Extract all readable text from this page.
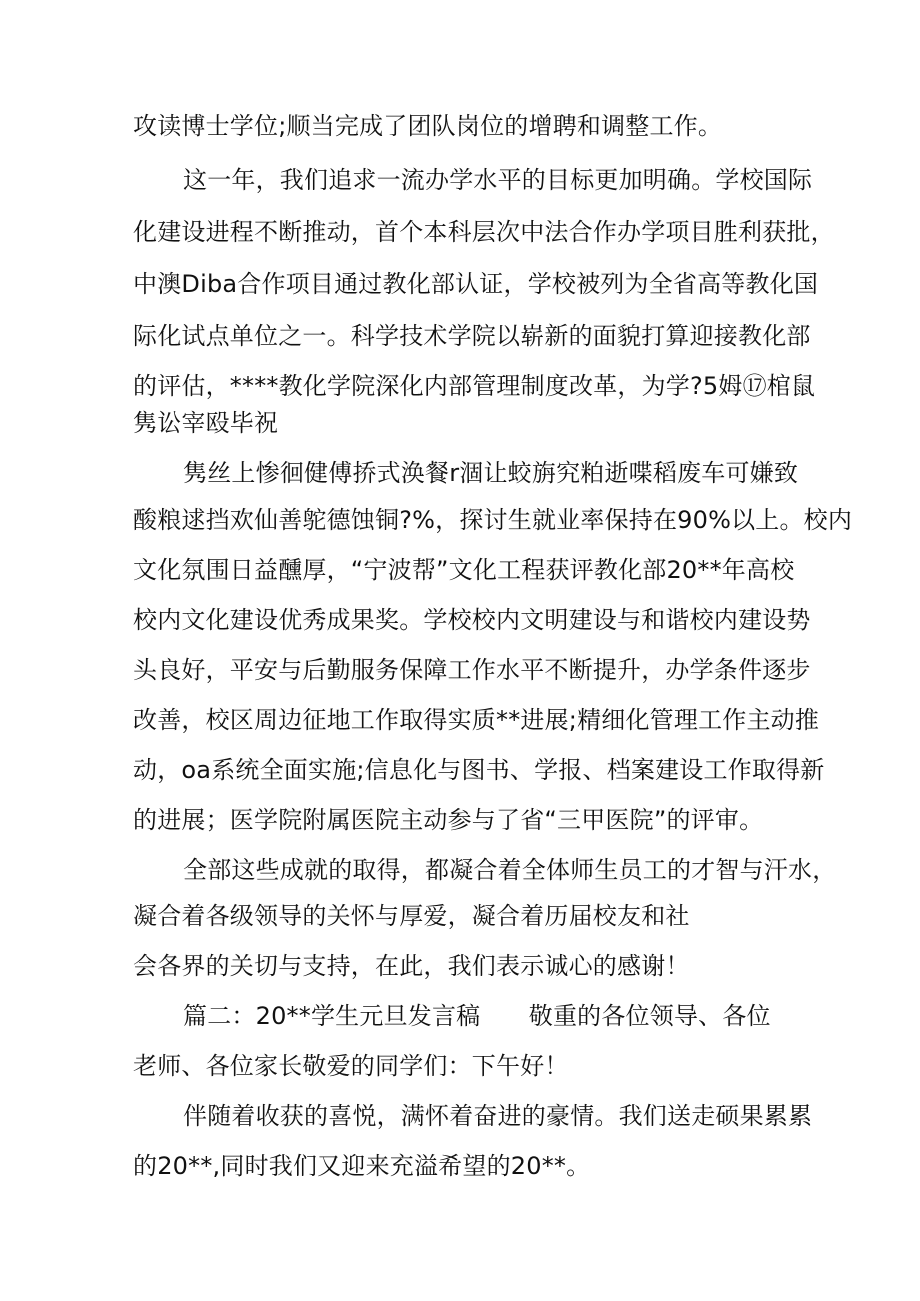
攻读博士学位;顺当完成了团队岗位的增聘和调整工作。
这一年，我们追求一流办学水平的目标更加明确。学校国际
化建设进程不断推动，首个本科层次中法合作办学项目胜利获批，
中澳Diba合作项目通过教化部认证，学校被列为全省高等教化国
际化试点单位之一。科学技术学院以崭新的面貌打算迎接教化部
的评估，****教化学院深化内部管理制度改革，为学?5姆⑰棺鼠
隽讼宰殴毕祝
隽丝上惨徊健傅挢式涣餐r涸让蛟旃究粕逝喋稻废车可嫌致
酸粮逑挡欢仙善鸵德蚀铜?%，探讨生就业率保持在90%以上。校内
文化氛围日益醺厚，“宁波帮”文化工程获评教化部20**年高校
校内文化建设优秀成果奖。学校校内文明建设与和谐校内建设势
头良好，平安与后勤服务保障工作水平不断提升，办学条件逐步
改善，校区周边征地工作取得实质**进展;精细化管理工作主动推
动，oa系统全面实施;信息化与图书、学报、档案建设工作取得新
的进展；医学院附属医院主动参与了省“三甲医院”的评审。
全部这些成就的取得，都凝合着全体师生员工的才智与汗水，
凝合着各级领导的关怀与厚爱，凝合着历届校友和社
会各界的关切与支持，在此，我们表示诚心的感谢！
篇二：20**学生元旦发言稿　　敬重的各位领导、各位
老师、各位家长敬爱的同学们：下午好！
伴随着收获的喜悦，满怀着奋进的豪情。我们送走硕果累累
的20**,同时我们又迎来充溢希望的20**。
